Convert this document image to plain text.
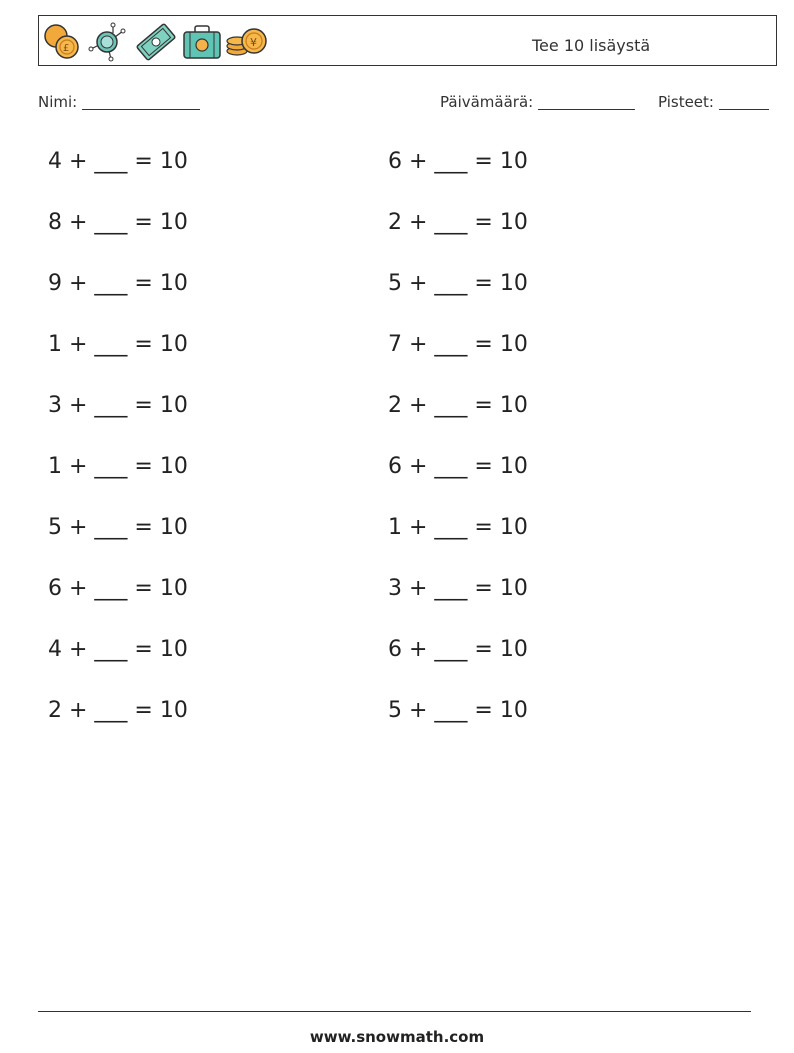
£	¥	Tee 10 lisäystä
Nimi:	Päivämäärä:	Pisteet:
4 + ___ = 10
8 + ___ = 10
9 + ___ = 10
1 + ___ = 10
3 + ___ = 10
1 + ___ = 10
5 + ___ = 10
6 + ___ = 10
4 + ___ = 10
2 + ___ = 10
6 + ___ = 10
2 + ___ = 10
5 + ___ = 10
7 + ___ = 10
2 + ___ = 10
6 + ___ = 10
1 + ___ = 10
3 + ___ = 10
6 + ___ = 10
5 + ___ = 10
www.snowmath.com
